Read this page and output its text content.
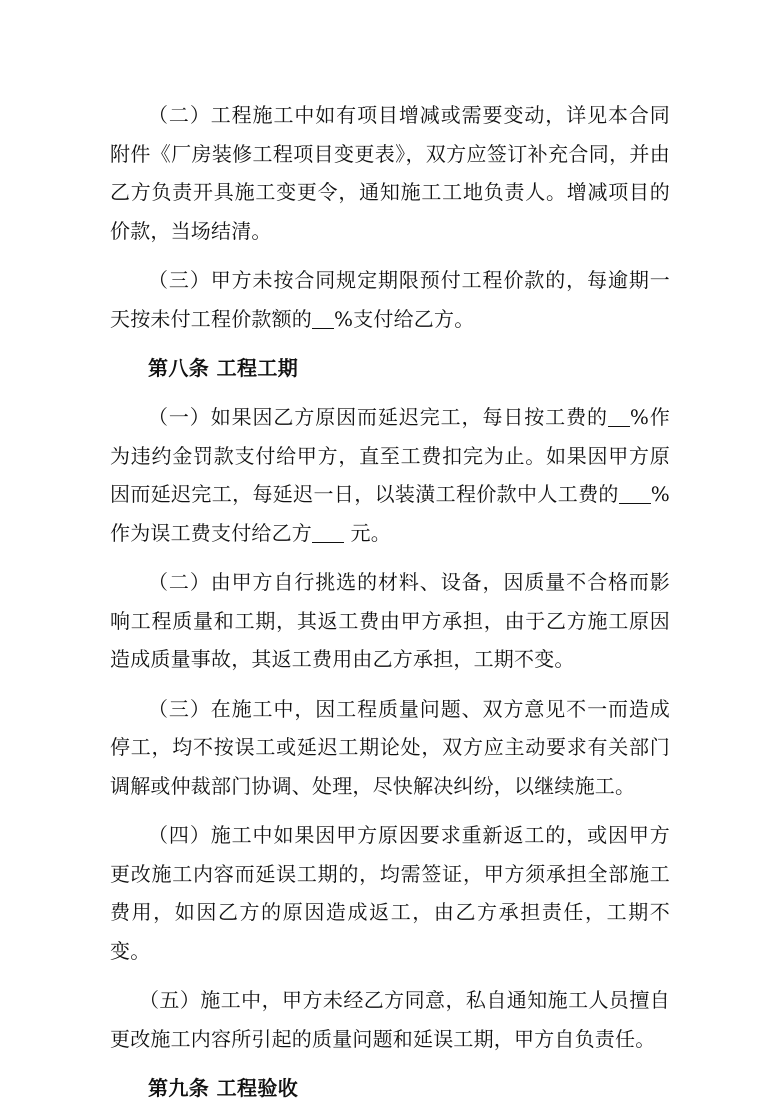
（二）工程施工中如有项目增减或需要变动，详见本合同附件《厂房装修工程项目变更表》，双方应签订补充合同，并由乙方负责开具施工变更令，通知施工工地负责人。增减项目的价款，当场结清。

（三）甲方未按合同规定期限预付工程价款的，每逾期一天按未付工程价款额的 %支付给乙方。

第八条 工程工期

（一）如果因乙方原因而延迟完工，每日按工费的 %作为违约金罚款支付给甲方，直至工费扣完为止。如果因甲方原因而延迟完工，每延迟一日，以装潢工程价款中人工费的 %作为误工费支付给乙方 元。

（二）由甲方自行挑选的材料、设备，因质量不合格而影响工程质量和工期，其返工费由甲方承担，由于乙方施工原因造成质量事故，其返工费用由乙方承担，工期不变。

（三）在施工中，因工程质量问题、双方意见不一而造成停工，均不按误工或延迟工期论处，双方应主动要求有关部门调解或仲裁部门协调、处理，尽快解决纠纷，以继续施工。

（四）施工中如果因甲方原因要求重新返工的，或因甲方更改施工内容而延误工期的，均需签证，甲方须承担全部施工费用，如因乙方的原因造成返工，由乙方承担责任，工期不变。

（五）施工中，甲方未经乙方同意，私自通知施工人员擅自更改施工内容所引起的质量问题和延误工期，甲方自负责任。

第九条 工程验收
